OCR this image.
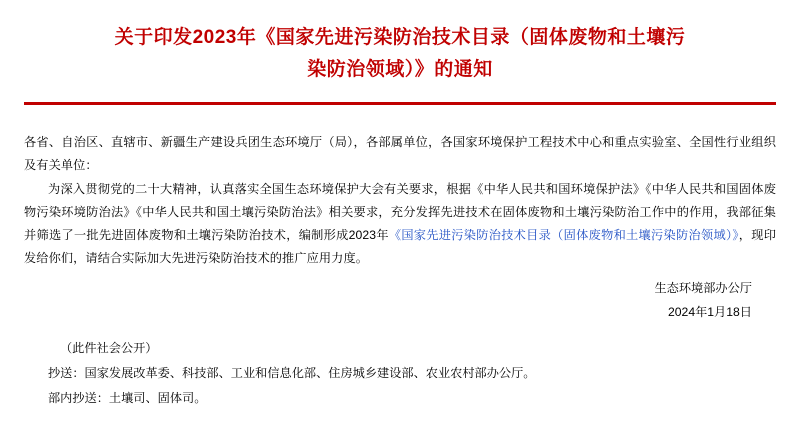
关于印发2023年《国家先进污染防治技术目录（固体废物和土壤污
染防治领域）》的通知

各省、自治区、直辖市、新疆生产建设兵团生态环境厅（局），各部属单位，各国家环境保护工程技术中心和重点实验室、全国性行业组织及有关单位：

为深入贯彻党的二十大精神，认真落实全国生态环境保护大会有关要求，根据《中华人民共和国环境保护法》《中华人民共和国固体废物污染环境防治法》《中华人民共和国土壤污染防治法》相关要求，充分发挥先进技术在固体废物和土壤污染防治工作中的作用，我部征集并筛选了一批先进固体废物和土壤污染防治技术，编制形成2023年《国家先进污染防治技术目录（固体废物和土壤污染防治领域）》，现印发给你们，请结合实际加大先进污染防治技术的推广应用力度。

生态环境部办公厅
2024年1月18日
（此件社会公开）
抄送：国家发展改革委、科技部、工业和信息化部、住房城乡建设部、农业农村部办公厅。
部内抄送：土壤司、固体司。
